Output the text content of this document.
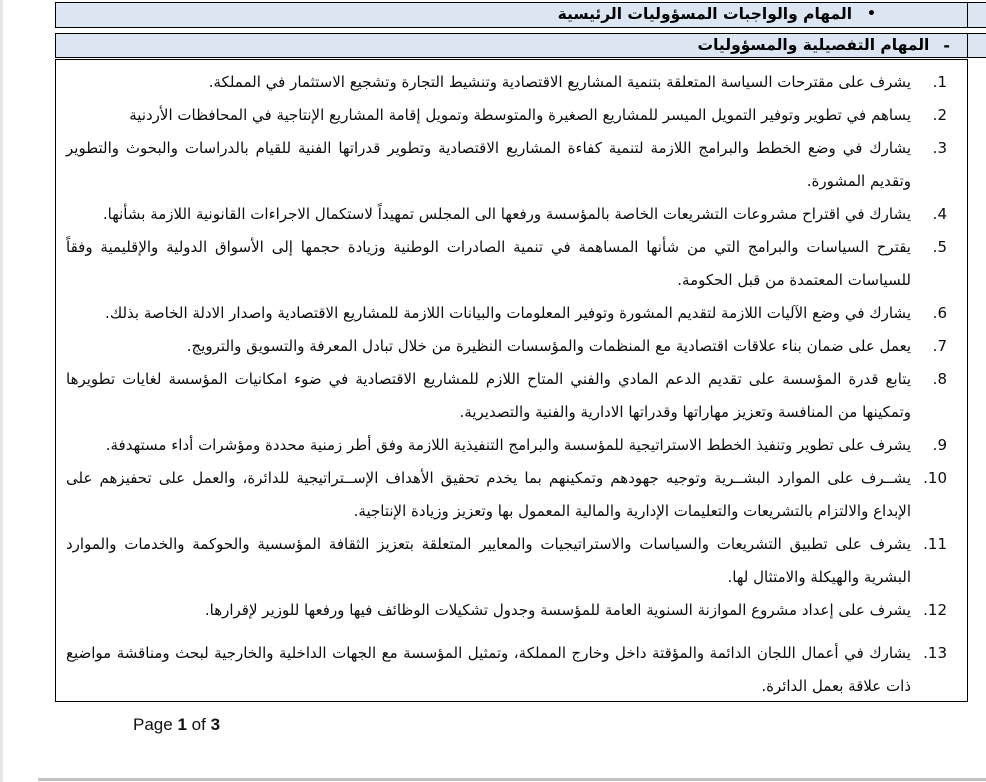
•
المهام والواجبات المسؤوليات الرئيسية
-
المهام التفصيلية والمسؤوليات
1.يشرف على مقترحات السياسة المتعلقة بتنمية المشاريع الاقتصادية وتنشيط التجارة وتشجيع الاستثمار في المملكة.
2.يساهم في تطوير وتوفير التمويل الميسر للمشاريع الصغيرة والمتوسطة وتمويل إقامة المشاريع الإنتاجية في المحافظات الأردنية
3.يشارك في وضع الخطط والبرامج اللازمة لتنمية كفاءة المشاريع الاقتصادية وتطوير قدراتها الفنية للقيام بالدراسات والبحوث والتطوير وتقديم المشورة.
4.يشارك في اقتراح مشروعات التشريعات الخاصة بالمؤسسة ورفعها الى المجلس تمهيداً لاستكمال الاجراءات القانونية اللازمة بشأنها.
5.يقترح السياسات والبرامج التي من شأنها المساهمة في تنمية الصادرات الوطنية وزيادة حجمها إلى الأسواق الدولية والإقليمية وفقاً للسياسات المعتمدة من قبل الحكومة.
6.يشارك في وضع الآليات اللازمة لتقديم المشورة وتوفير المعلومات والبيانات اللازمة للمشاريع الاقتصادية واصدار الادلة الخاصة بذلك.
7.يعمل على ضمان بناء علاقات اقتصادية مع المنظمات والمؤسسات النظيرة من خلال تبادل المعرفة والتسويق والترويج.
8.يتابع قدرة المؤسسة على تقديم الدعم المادي والفني المتاح اللازم للمشاريع الاقتصادية في ضوء امكانيات المؤسسة لغايات تطويرها وتمكينها من المنافسة وتعزيز مهاراتها وقدراتها الادارية والفنية والتصديرية.
9.يشرف على تطوير وتنفيذ الخطط الاستراتيجية للمؤسسة والبرامج التنفيذية اللازمة وفق أطر زمنية محددة ومؤشرات أداء مستهدفة.
10.يشــرف على الموارد البشــرية وتوجيه جهودهم وتمكينهم بما يخدم تحقيق الأهداف الإســتراتيجية للدائرة، والعمل على تحفيزهم على الإبداع والالتزام بالتشريعات والتعليمات الإدارية والمالية المعمول بها وتعزيز وزيادة الإنتاجية.
11.يشرف على تطبيق التشريعات والسياسات والاستراتيجيات والمعايير المتعلقة بتعزيز الثقافة المؤسسية والحوكمة والخدمات والموارد البشرية والهيكلة والامتثال لها.
12.يشرف على إعداد مشروع الموازنة السنوية العامة للمؤسسة وجدول تشكيلات الوظائف فيها ورفعها للوزير لإقرارها.
13.يشارك في أعمال اللجان الدائمة والمؤقتة داخل وخارج المملكة، وتمثيل المؤسسة مع الجهات الداخلية والخارجية لبحث ومناقشة مواضيع ذات علاقة بعمل الدائرة.
Page 1 of 3
